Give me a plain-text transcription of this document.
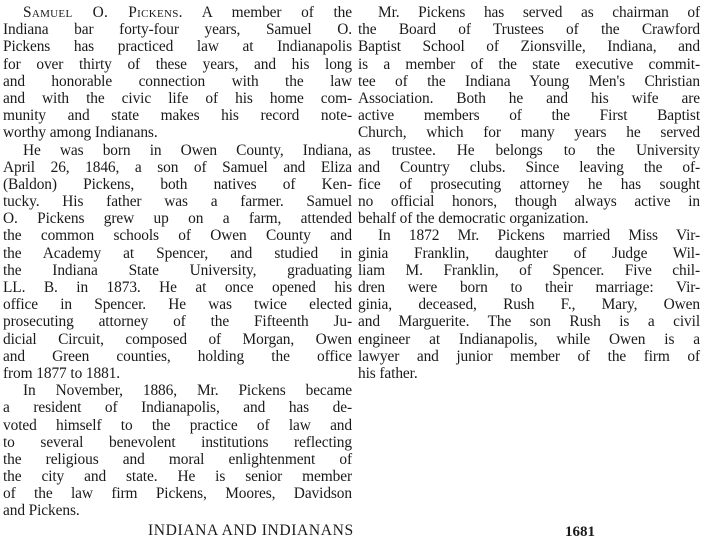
Samuel O. Pickens. A member of the
Indiana bar forty-four years, Samuel O.
Pickens has practiced law at Indianapolis
for over thirty of these years, and his long
and honorable connection with the law
and with the civic life of his home com-
munity and state makes his record note-
worthy among Indianans.
He was born in Owen County, Indiana,
April 26, 1846, a son of Samuel and Eliza
(Baldon) Pickens, both natives of Ken-
tucky. His father was a farmer. Samuel
O. Pickens grew up on a farm, attended
the common schools of Owen County and
the Academy at Spencer, and studied in
the Indiana State University, graduating
LL. B. in 1873. He at once opened his
office in Spencer. He was twice elected
prosecuting attorney of the Fifteenth Ju-
dicial Circuit, composed of Morgan, Owen
and Green counties, holding the office
from 1877 to 1881.
In November, 1886, Mr. Pickens became
a resident of Indianapolis, and has de-
voted himself to the practice of law and
to several benevolent institutions reflecting
the religious and moral enlightenment of
the city and state. He is senior member
of the law firm Pickens, Moores, Davidson
and Pickens.
Mr. Pickens has served as chairman of
the Board of Trustees of the Crawford
Baptist School of Zionsville, Indiana, and
is a member of the state executive commit-
tee of the Indiana Young Men's Christian
Association. Both he and his wife are
active members of the First Baptist
Church, which for many years he served
as trustee. He belongs to the University
and Country clubs. Since leaving the of-
fice of prosecuting attorney he has sought
no official honors, though always active in
behalf of the democratic organization.
In 1872 Mr. Pickens married Miss Vir-
ginia Franklin, daughter of Judge Wil-
liam M. Franklin, of Spencer. Five chil-
dren were born to their marriage: Vir-
ginia, deceased, Rush F., Mary, Owen
and Marguerite. The son Rush is a civil
engineer at Indianapolis, while Owen is a
lawyer and junior member of the firm of
his father.
INDIANA AND INDIANANS	1681
